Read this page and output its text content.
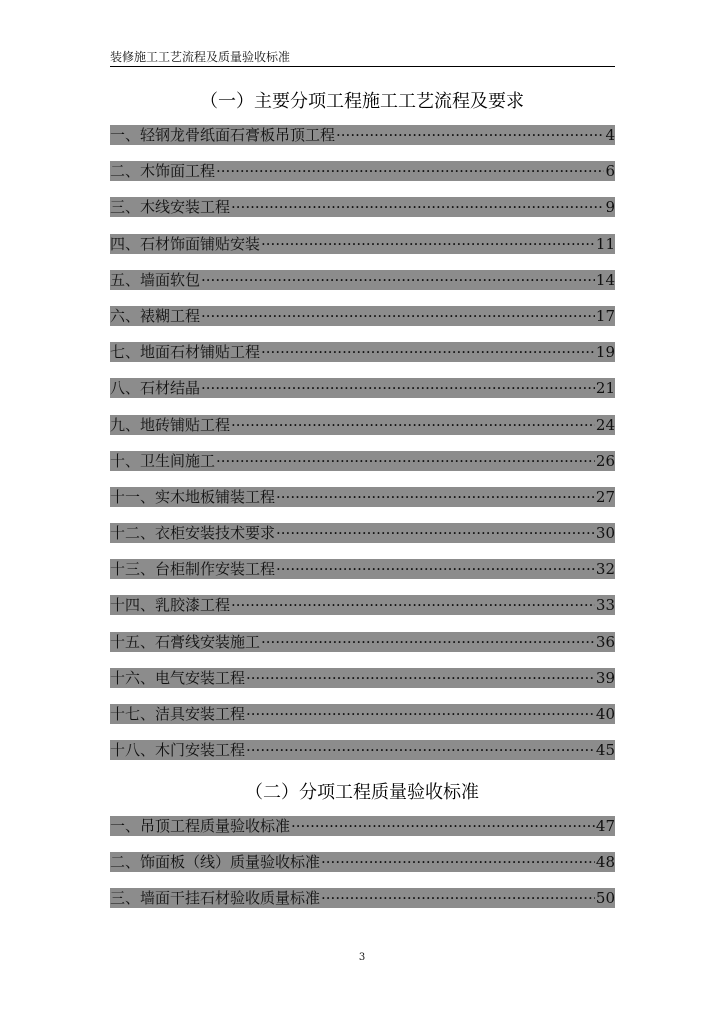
装修施工工艺流程及质量验收标准
（一）主要分项工程施工工艺流程及要求
一、轻钢龙骨纸面石膏板吊顶工程 ·····	4
二、木饰面工程 ·····	6
三、木线安装工程 ·····	9
四、石材饰面铺贴安装 ·····	11
五、墙面软包 ·····	14
六、裱糊工程 ·····	17
七、地面石材铺贴工程 ·····	19
八、石材结晶 ·····	21
九、地砖铺贴工程 ·····	24
十、卫生间施工 ·····	26
十一、实木地板铺装工程 ·····	27
十二、衣柜安装技术要求 ·····	30
十三、台柜制作安装工程 ·····	32
十四、乳胶漆工程 ·····	33
十五、石膏线安装施工 ·····	36
十六、电气安装工程 ·····	39
十七、洁具安装工程 ·····	40
十八、木门安装工程 ·····	45
（二）分项工程质量验收标准
一、吊顶工程质量验收标准 ·····	47
二、饰面板（线）质量验收标准 ·····	48
三、墙面干挂石材验收质量标准 ·····	50
3
